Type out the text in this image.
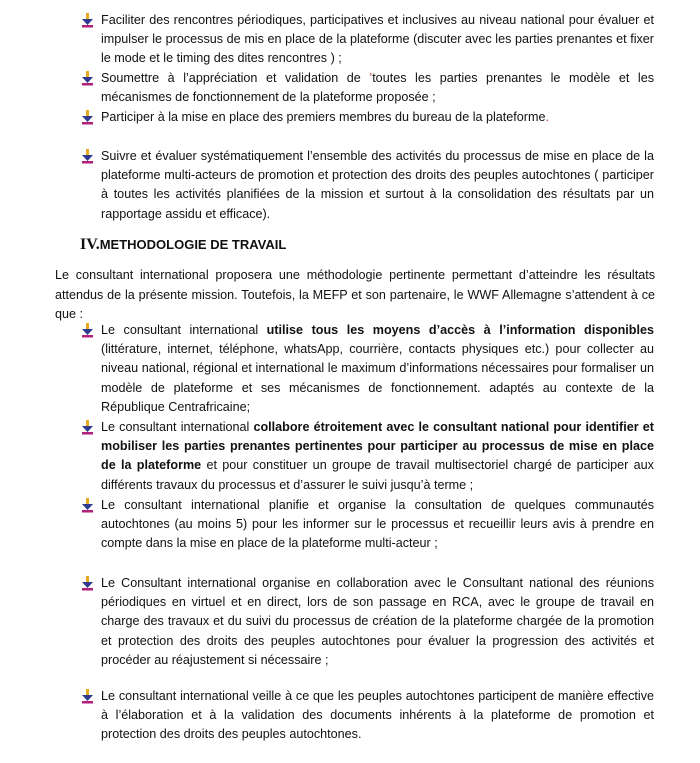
Faciliter des rencontres périodiques, participatives et inclusives au niveau national pour évaluer et impulser le processus de mis en place de la plateforme (discuter avec les parties prenantes et fixer le mode et le timing des dites rencontres ) ;
Soumettre à l’appréciation et validation de ’toutes les parties prenantes le modèle et les mécanismes de fonctionnement de la plateforme proposée ;
Participer à la mise en place des premiers membres du bureau de la plateforme.
Suivre et évaluer systématiquement l’ensemble des activités du processus de mise en place de la plateforme multi-acteurs de promotion et protection des droits des peuples autochtones ( participer à toutes les activités planifiées de la mission et surtout à la consolidation des résultats par un rapportage assidu et efficace).
IV.METHODOLOGIE DE TRAVAIL
Le consultant international proposera une méthodologie pertinente permettant d’atteindre les résultats attendus de la présente mission. Toutefois, la MEFP et son partenaire, le WWF Allemagne s’attendent à ce que :
Le consultant international utilise tous les moyens d’accès à l’information disponibles (littérature, internet, téléphone, whatsApp, courrière, contacts physiques etc.) pour collecter au niveau national, régional et international le maximum d’informations nécessaires pour formaliser un modèle de plateforme et ses mécanismes de fonctionnement. adaptés au contexte de la République Centrafricaine;
Le consultant international collabore étroitement avec le consultant national pour identifier et mobiliser les parties prenantes pertinentes pour participer au processus de mise en place de la plateforme et pour constituer un groupe de travail multisectoriel chargé de participer aux différents travaux du processus et d’assurer le suivi jusqu’à terme ;
Le consultant international planifie et organise la consultation de quelques communautés autochtones (au moins 5) pour les informer sur le processus et recueillir leurs avis à prendre en compte dans la mise en place de la plateforme multi-acteur ;
Le Consultant international organise en collaboration avec le Consultant national des réunions périodiques en virtuel et en direct, lors de son passage en RCA, avec le groupe de travail en charge des travaux et du suivi du processus de création de la plateforme chargée de la promotion et protection des droits des peuples autochtones pour évaluer la progression des activités et procéder au réajustement si nécessaire ;
Le consultant international veille à ce que les peuples autochtones participent de manière effective à l’élaboration et à la validation des documents inhérents à la plateforme de promotion et protection des droits des peuples autochtones.
